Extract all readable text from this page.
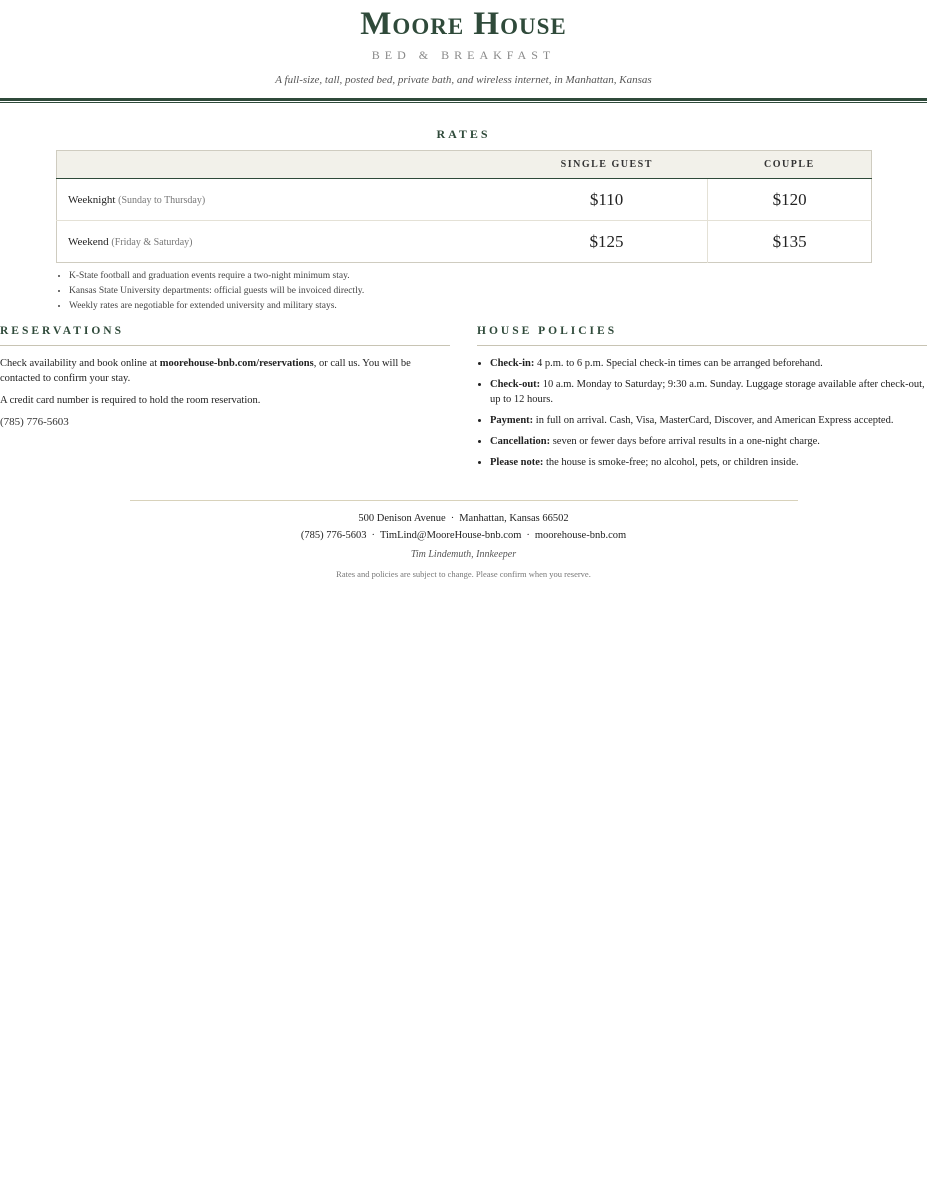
Moore House
BED & BREAKFAST
A full-size, tall, posted bed, private bath, and wireless internet, in Manhattan, Kansas
RATES
	SINGLE GUEST	COUPLE
Weeknight (Sunday to Thursday)	$110	$120
Weekend (Friday & Saturday)	$125	$135
• K-State football and graduation events require a two-night minimum stay.
• Kansas State University departments: official guests will be invoiced directly.
• Weekly rates are negotiable for extended university and military stays.
RESERVATIONS

Check availability and book online at moorehouse-bnb.com/reservations, or call us. You will be contacted to confirm your stay.

A credit card number is required to hold the room reservation.

(785) 776-5603
HOUSE POLICIES
• Check-in: 4 p.m. to 6 p.m. Special check-in times can be arranged beforehand.
• Check-out: 10 a.m. Monday to Saturday; 9:30 a.m. Sunday. Luggage storage available after check-out, up to 12 hours.
• Payment: in full on arrival. Cash, Visa, MasterCard, Discover, and American Express accepted.
• Cancellation: seven or fewer days before arrival results in a one-night charge.
• Please note: the house is smoke-free; no alcohol, pets, or children inside.
500 Denison Avenue · Manhattan, Kansas 66502
(785) 776-5603 · TimLind@MooreHouse-bnb.com · moorehouse-bnb.com
Tim Lindemuth, Innkeeper
Rates and policies are subject to change. Please confirm when you reserve.
